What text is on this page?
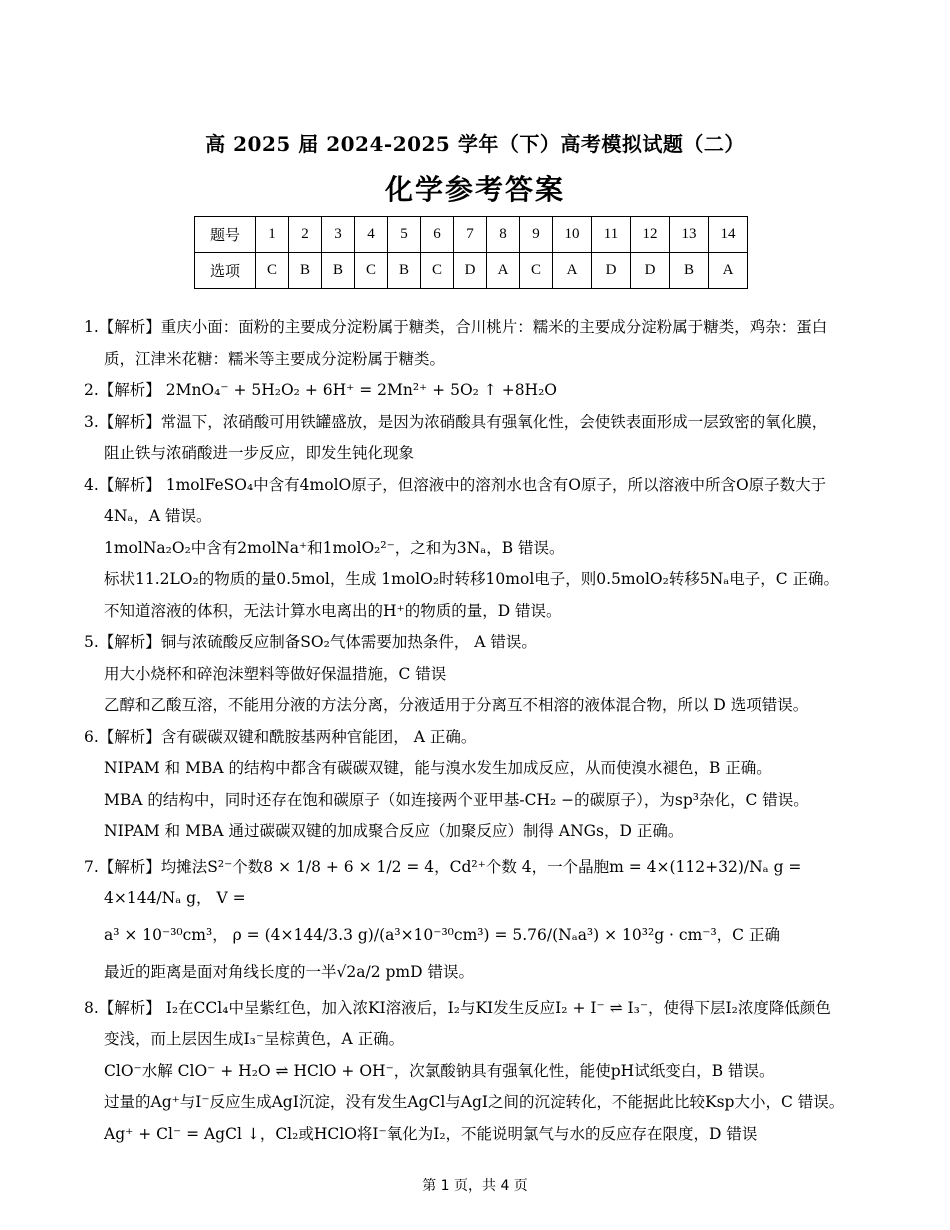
高 2025 届 2024-2025 学年（下）高考模拟试题（二）
化学参考答案
题号	1	2	3	4	5	6	7	8	9	10	11	12	13	14
选项	C	B	B	C	B	C	D	A	C	A	D	D	B	A

1.【解析】重庆小面：面粉的主要成分淀粉属于糖类，合川桃片：糯米的主要成分淀粉属于糖类，鸡杂：蛋白

质，江津米花糖：糯米等主要成分淀粉属于糖类。

2.【解析】 2MnO₄⁻ + 5H₂O₂ + 6H⁺ = 2Mn²⁺ + 5O₂ ↑ +8H₂O

3.【解析】常温下，浓硝酸可用铁罐盛放，是因为浓硝酸具有强氧化性，会使铁表面形成一层致密的氧化膜，

阻止铁与浓硝酸进一步反应，即发生钝化现象

4.【解析】 1molFeSO₄中含有4molO原子，但溶液中的溶剂水也含有O原子，所以溶液中所含O原子数大于

4Nₐ，A 错误。

1molNa₂O₂中含有2molNa⁺和1molO₂²⁻，之和为3Nₐ，B 错误。

标状11.2LO₂的物质的量0.5mol，生成 1molO₂时转移10mol电子，则0.5molO₂转移5Nₐ电子，C 正确。

不知道溶液的体积，无法计算水电离出的H⁺的物质的量，D 错误。

5.【解析】铜与浓硫酸反应制备SO₂气体需要加热条件， A 错误。

用大小烧杯和碎泡沫塑料等做好保温措施，C 错误

乙醇和乙酸互溶，不能用分液的方法分离，分液适用于分离互不相溶的液体混合物，所以 D 选项错误。

6.【解析】含有碳碳双键和酰胺基两种官能团， A 正确。

NIPAM 和 MBA 的结构中都含有碳碳双键，能与溴水发生加成反应，从而使溴水褪色，B 正确。

MBA 的结构中，同时还存在饱和碳原子（如连接两个亚甲基-CH₂ −的碳原子），为sp³杂化，C 错误。

NIPAM 和 MBA 通过碳碳双键的加成聚合反应（加聚反应）制得 ANGs，D 正确。

7.【解析】均摊法S²⁻个数8 × 1/8 + 6 × 1/2 = 4，Cd²⁺个数 4，一个晶胞m = 4×(112+32)/Nₐ g = 4×144/Nₐ g， V =

a³ × 10⁻³⁰cm³， ρ = (4×144/3.3 g)/(a³×10⁻³⁰cm³) = 5.76/(Nₐa³) × 10³²g · cm⁻³，C 正确

最近的距离是面对角线长度的一半√2a/2 pmD 错误。

8.【解析】 I₂在CCl₄中呈紫红色，加入浓KI溶液后，I₂与KI发生反应I₂ + I⁻ ⇌ I₃⁻，使得下层I₂浓度降低颜色

变浅，而上层因生成I₃⁻呈棕黄色，A 正确。

ClO⁻水解 ClO⁻ + H₂O ⇌ HClO + OH⁻，次氯酸钠具有强氧化性，能使pH试纸变白，B 错误。

过量的Ag⁺与I⁻反应生成AgI沉淀，没有发生AgCl与AgI之间的沉淀转化，不能据此比较Ksp大小，C 错误。

Ag⁺ + Cl⁻ = AgCl ↓，Cl₂或HClO将I⁻氧化为I₂，不能说明氯气与水的反应存在限度，D 错误

第 1 页，共 4 页
